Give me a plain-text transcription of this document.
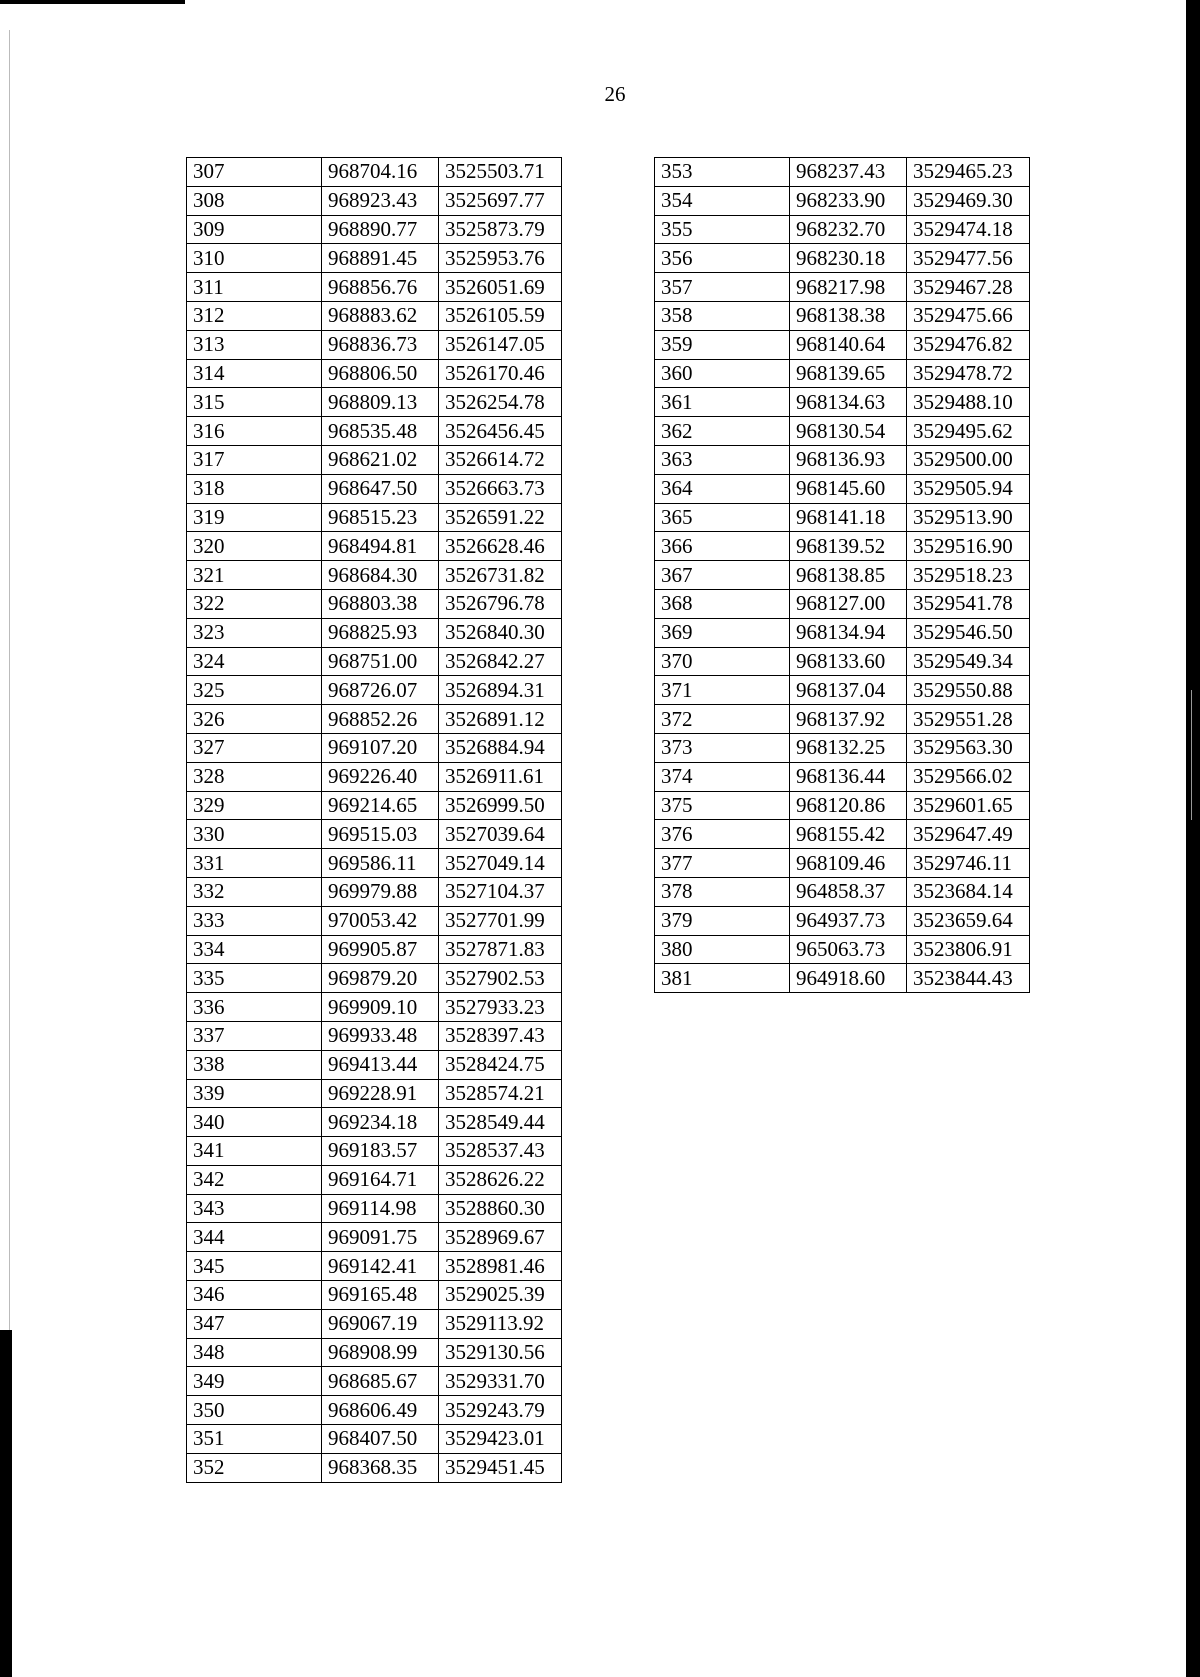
26
307	968704.16	3525503.71
308	968923.43	3525697.77
309	968890.77	3525873.79
310	968891.45	3525953.76
311	968856.76	3526051.69
312	968883.62	3526105.59
313	968836.73	3526147.05
314	968806.50	3526170.46
315	968809.13	3526254.78
316	968535.48	3526456.45
317	968621.02	3526614.72
318	968647.50	3526663.73
319	968515.23	3526591.22
320	968494.81	3526628.46
321	968684.30	3526731.82
322	968803.38	3526796.78
323	968825.93	3526840.30
324	968751.00	3526842.27
325	968726.07	3526894.31
326	968852.26	3526891.12
327	969107.20	3526884.94
328	969226.40	3526911.61
329	969214.65	3526999.50
330	969515.03	3527039.64
331	969586.11	3527049.14
332	969979.88	3527104.37
333	970053.42	3527701.99
334	969905.87	3527871.83
335	969879.20	3527902.53
336	969909.10	3527933.23
337	969933.48	3528397.43
338	969413.44	3528424.75
339	969228.91	3528574.21
340	969234.18	3528549.44
341	969183.57	3528537.43
342	969164.71	3528626.22
343	969114.98	3528860.30
344	969091.75	3528969.67
345	969142.41	3528981.46
346	969165.48	3529025.39
347	969067.19	3529113.92
348	968908.99	3529130.56
349	968685.67	3529331.70
350	968606.49	3529243.79
351	968407.50	3529423.01
352	968368.35	3529451.45
353	968237.43	3529465.23
354	968233.90	3529469.30
355	968232.70	3529474.18
356	968230.18	3529477.56
357	968217.98	3529467.28
358	968138.38	3529475.66
359	968140.64	3529476.82
360	968139.65	3529478.72
361	968134.63	3529488.10
362	968130.54	3529495.62
363	968136.93	3529500.00
364	968145.60	3529505.94
365	968141.18	3529513.90
366	968139.52	3529516.90
367	968138.85	3529518.23
368	968127.00	3529541.78
369	968134.94	3529546.50
370	968133.60	3529549.34
371	968137.04	3529550.88
372	968137.92	3529551.28
373	968132.25	3529563.30
374	968136.44	3529566.02
375	968120.86	3529601.65
376	968155.42	3529647.49
377	968109.46	3529746.11
378	964858.37	3523684.14
379	964937.73	3523659.64
380	965063.73	3523806.91
381	964918.60	3523844.43
